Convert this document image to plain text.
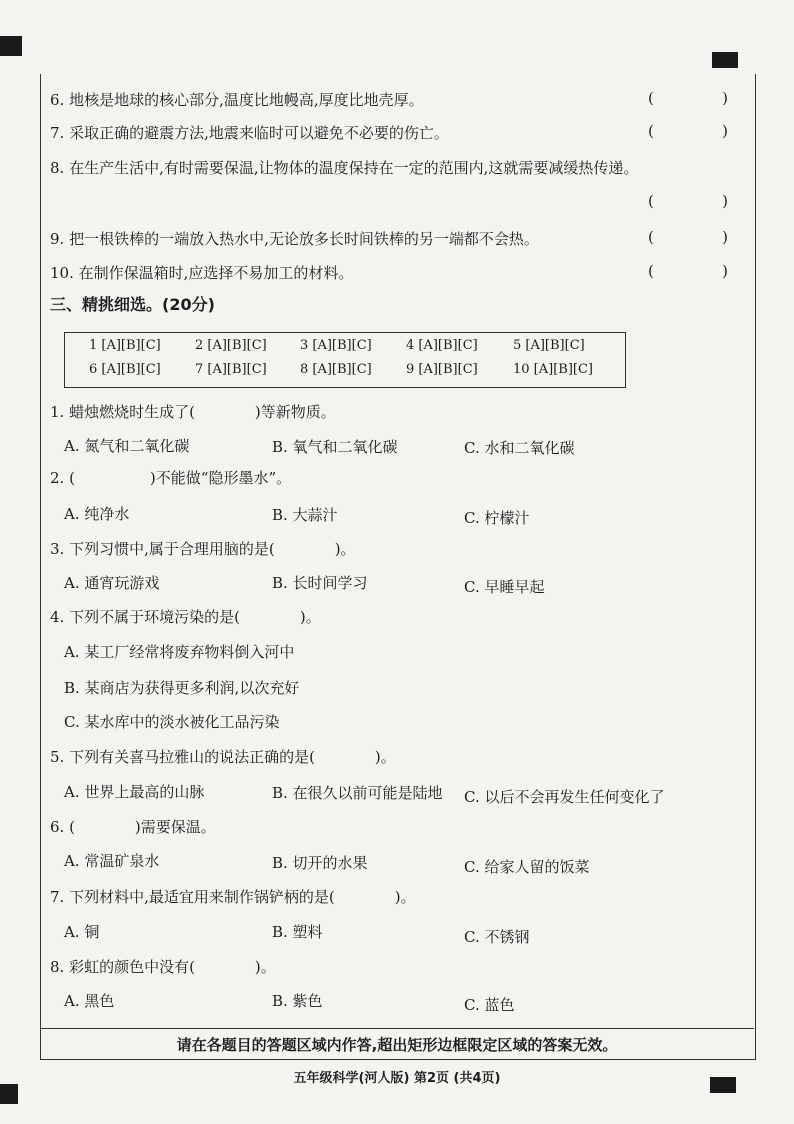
6. 地核是地球的核心部分,温度比地幔高,厚度比地壳厚。	(	)
7. 采取正确的避震方法,地震来临时可以避免不必要的伤亡。	(	)
8. 在生产生活中,有时需要保温,让物体的温度保持在一定的范围内,这就需要减缓热传递。
(	)
9. 把一根铁棒的一端放入热水中,无论放多长时间铁棒的另一端都不会热。	(	)
10. 在制作保温箱时,应选择不易加工的材料。	(	)
三、精挑细选。(20分)
1 [A][B][C]	2 [A][B][C]	3 [A][B][C]	4 [A][B][C]	5 [A][B][C]
6 [A][B][C]	7 [A][B][C]	8 [A][B][C]	9 [A][B][C]	10 [A][B][C]
1. 蜡烛燃烧时生成了(　　　　)等新物质。
A. 氮气和二氧化碳	B. 氧气和二氧化碳	C. 水和二氧化碳
2. (　　　　　)不能做“隐形墨水”。
A. 纯净水	B. 大蒜汁	C. 柠檬汁
3. 下列习惯中,属于合理用脑的是(　　　　)。
A. 通宵玩游戏	B. 长时间学习	C. 早睡早起
4. 下列不属于环境污染的是(　　　　)。
A. 某工厂经常将废弃物料倒入河中
B. 某商店为获得更多利润,以次充好
C. 某水库中的淡水被化工品污染
5. 下列有关喜马拉雅山的说法正确的是(　　　　)。
A. 世界上最高的山脉	B. 在很久以前可能是陆地 C. 以后不会再发生任何变化了
6. (　　　　)需要保温。
A. 常温矿泉水	B. 切开的水果	C. 给家人留的饭菜
7. 下列材料中,最适宜用来制作锅铲柄的是(　　　　)。
A. 铜	B. 塑料	C. 不锈钢
8. 彩虹的颜色中没有(　　　　)。
A. 黑色	B. 紫色	C. 蓝色
请在各题目的答题区域内作答,超出矩形边框限定区域的答案无效。
五年级科学(河人版) 第2页 (共4页)
